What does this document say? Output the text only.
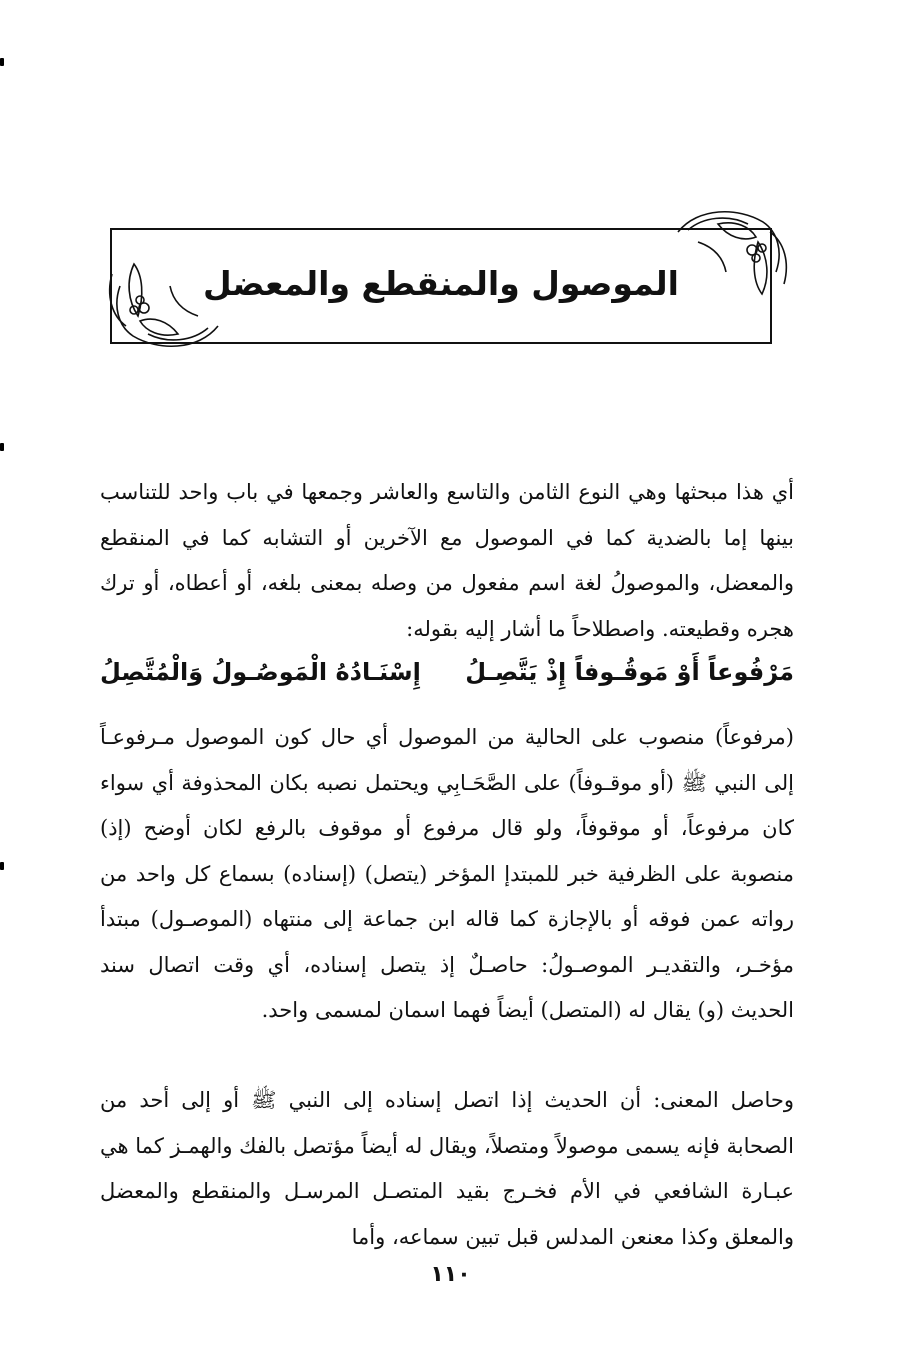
الموصول والمنقطع والمعضل
أي هذا مبحثها وهي النوع الثامن والتاسع والعاشر وجمعها في باب واحد للتناسب بينها إما بالضدية كما في الموصول مع الآخرين أو التشابه كما في المنقطع والمعضل، والموصولُ لغة اسم مفعول من وصله بمعنى بلغه، أو أعطاه، أو ترك هجره وقطيعته. واصطلاحاً ما أشار إليه بقوله:
مَرْفُوعاً أَوْ مَوقُـوفاً إِذْ يَتَّصِـلُ
إِسْنَـادُهُ الْمَوصُـولُ وَالْمُتَّصِلُ
(مرفوعاً) منصوب على الحالية من الموصول أي حال كون الموصول مـرفوعـاً إلى النبي ﷺ (أو موقـوفاً) على الصَّحَـابِي ويحتمل نصبه بكان المحذوفة أي سواء كان مرفوعاً، أو موقوفاً، ولو قال مرفوع أو موقوف بالرفع لكان أوضح (إذ) منصوبة على الظرفية خبر للمبتدإ المؤخر (يتصل) (إسناده) بسماع كل واحد من رواته عمن فوقه أو بالإجازة كما قاله ابن جماعة إلى منتهاه (الموصـول) مبتدأ مؤخـر، والتقديـر الموصـولُ: حاصـلٌ إذ يتصل إسناده، أي وقت اتصال سند الحديث (و) يقال له (المتصل) أيضاً فهما اسمان لمسمى واحد.
وحاصل المعنى: أن الحديث إذا اتصل إسناده إلى النبي ﷺ أو إلى أحد من الصحابة فإنه يسمى موصولاً ومتصلاً، ويقال له أيضاً مؤتصل بالفك والهمـز كما هي عبـارة الشافعي في الأم فخـرج بقيد المتصـل المرسـل والمنقطع والمعضل والمعلق وكذا معنعن المدلس قبل تبين سماعه، وأما
١١٠
